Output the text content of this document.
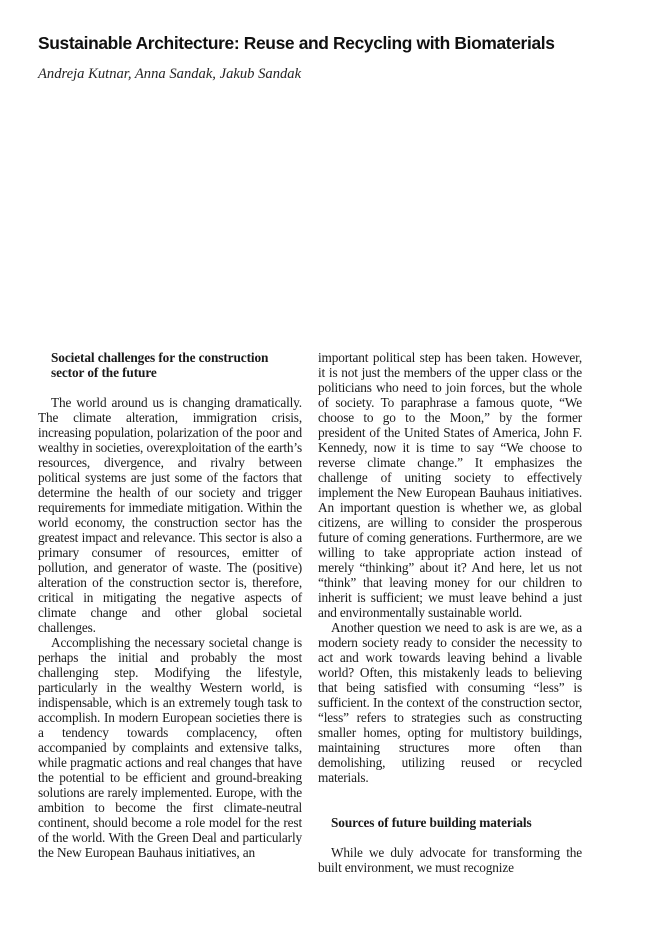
Sustainable Architecture: Reuse and Recycling with Biomaterials

Andreja Kutnar, Anna Sandak, Jakub Sandak

Societal challenges for the construction sector of the future

The world around us is changing dramatically. The climate alteration, immigration crisis, increasing population, polarization of the poor and wealthy in societies, overexploitation of the earth’s resources, divergence, and rivalry between political systems are just some of the factors that determine the health of our society and trigger requirements for immediate mitigation. Within the world economy, the construction sector has the greatest impact and relevance. This sector is also a primary consumer of resources, emitter of pollution, and generator of waste. The (positive) alteration of the construction sector is, therefore, critical in mitigating the negative aspects of climate change and other global societal challenges.

Accomplishing the necessary societal change is perhaps the initial and probably the most challenging step. Modifying the lifestyle, particularly in the wealthy Western world, is indispensable, which is an extremely tough task to accomplish. In modern European societies there is a tendency towards complacency, often accompanied by complaints and extensive talks, while pragmatic actions and real changes that have the potential to be efficient and ground-breaking solutions are rarely implemented. Europe, with the ambition to become the first climate-neutral continent, should become a role model for the rest of the world. With the Green Deal and particularly the New European Bauhaus initiatives, an

important political step has been taken. However, it is not just the members of the upper class or the politicians who need to join forces, but the whole of society. To paraphrase a famous quote, “We choose to go to the Moon,” by the former president of the United States of America, John F. Kennedy, now it is time to say “We choose to reverse climate change.” It emphasizes the challenge of uniting society to effectively implement the New European Bauhaus initiatives. An important question is whether we, as global citizens, are willing to consider the prosperous future of coming generations. Furthermore, are we willing to take appropriate action instead of merely “thinking” about it? And here, let us not “think” that leaving money for our children to inherit is sufficient; we must leave behind a just and environmentally sustainable world.

Another question we need to ask is are we, as a modern society ready to consider the necessity to act and work towards leaving behind a livable world? Often, this mistakenly leads to believing that being satisfied with consuming “less” is sufficient. In the context of the construction sector, “less” refers to strategies such as constructing smaller homes, opting for multistory buildings, maintaining structures more often than demolishing, utilizing reused or recycled materials.

Sources of future building materials

While we duly advocate for transforming the built environment, we must recognize
